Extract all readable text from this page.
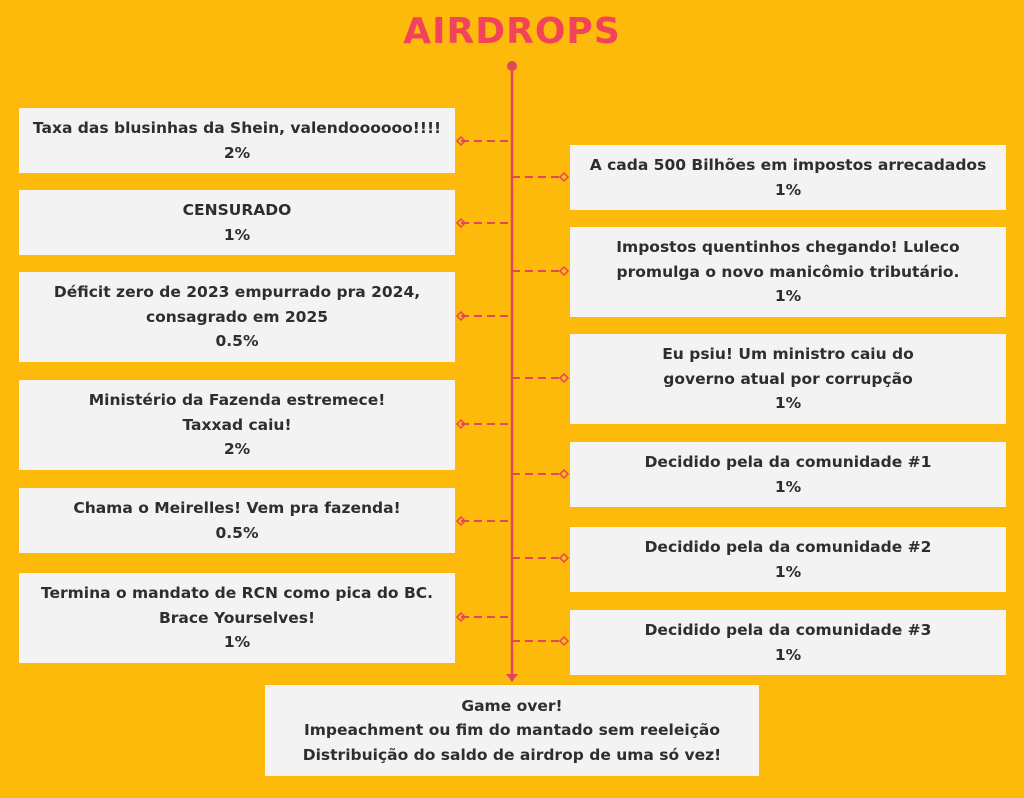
AIRDROPS
Taxa das blusinhas da Shein, valendoooooo!!!!
2%
CENSURADO
1%
Déficit zero de 2023 empurrado pra 2024,
consagrado em 2025
0.5%
Ministério da Fazenda estremece!
Taxxad caiu!
2%
Chama o Meirelles! Vem pra fazenda!
0.5%
Termina o mandato de RCN como pica do BC.
Brace Yourselves!
1%
A cada 500 Bilhões em impostos arrecadados
1%
Impostos quentinhos chegando! Luleco
promulga o novo manicômio tributário.
1%
Eu psiu! Um ministro caiu do
governo atual por corrupção
1%
Decidido pela da comunidade #1
1%
Decidido pela da comunidade #2
1%
Decidido pela da comunidade #3
1%
Game over!
Impeachment ou fim do mantado sem reeleição
Distribuição do saldo de airdrop de uma só vez!
